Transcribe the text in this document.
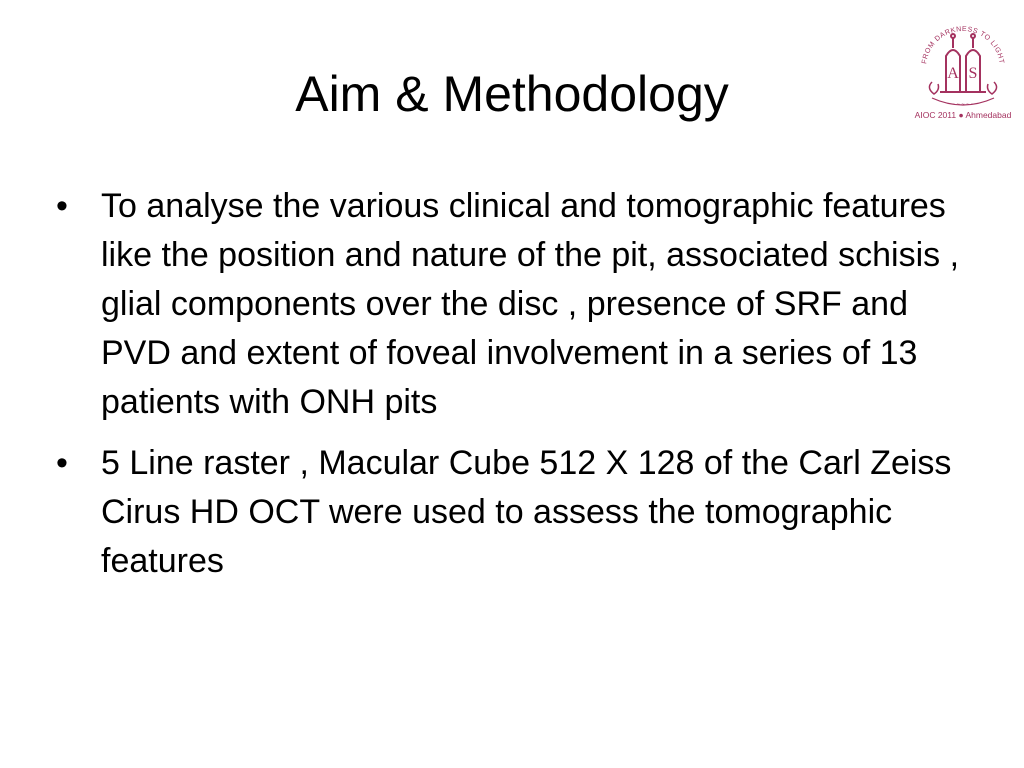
Aim & Methodology
FROM DARKNESS TO LIGHT
A S
~ ~ ~ ~ ~
AIOC 2011 ● Ahmedabad
• To analyse the various clinical and tomographic features like the position and nature of the pit, associated schisis , glial components over the disc , presence of SRF and PVD and extent of foveal involvement in a series of 13 patients with ONH pits
• 5 Line raster , Macular Cube 512 X 128 of the Carl Zeiss Cirus HD OCT were used to assess the tomographic features
